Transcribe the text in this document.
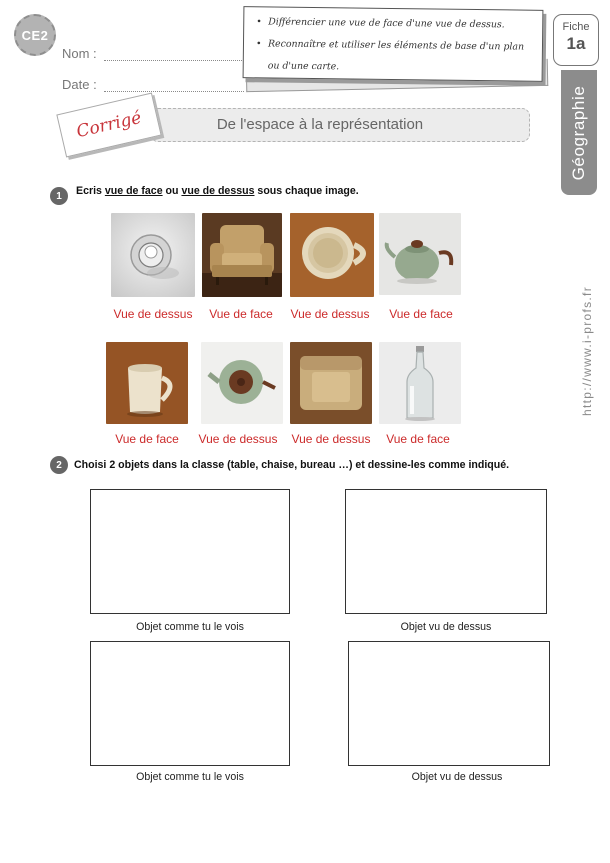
CE2
Nom :
Date :
• Différencier une vue de face d'une vue de dessus.
• Reconnaître et utiliser les éléments de base d'un plan ou d'une carte.
Géographie
Fiche
1a
http://www.i-profs.fr
De l'espace à la représentation
Corrigé
1	Ecris vue de face ou vue de dessus sous chaque image.
Vue de dessus	Vue de face	Vue de dessus	Vue de face
Vue de face	Vue de dessus	Vue de dessus	Vue de face
2	Choisi 2 objets dans la classe (table, chaise, bureau …) et dessine-les comme indiqué.
Objet comme tu le vois	Objet vu de dessus
Objet comme tu le vois	Objet vu de dessus
